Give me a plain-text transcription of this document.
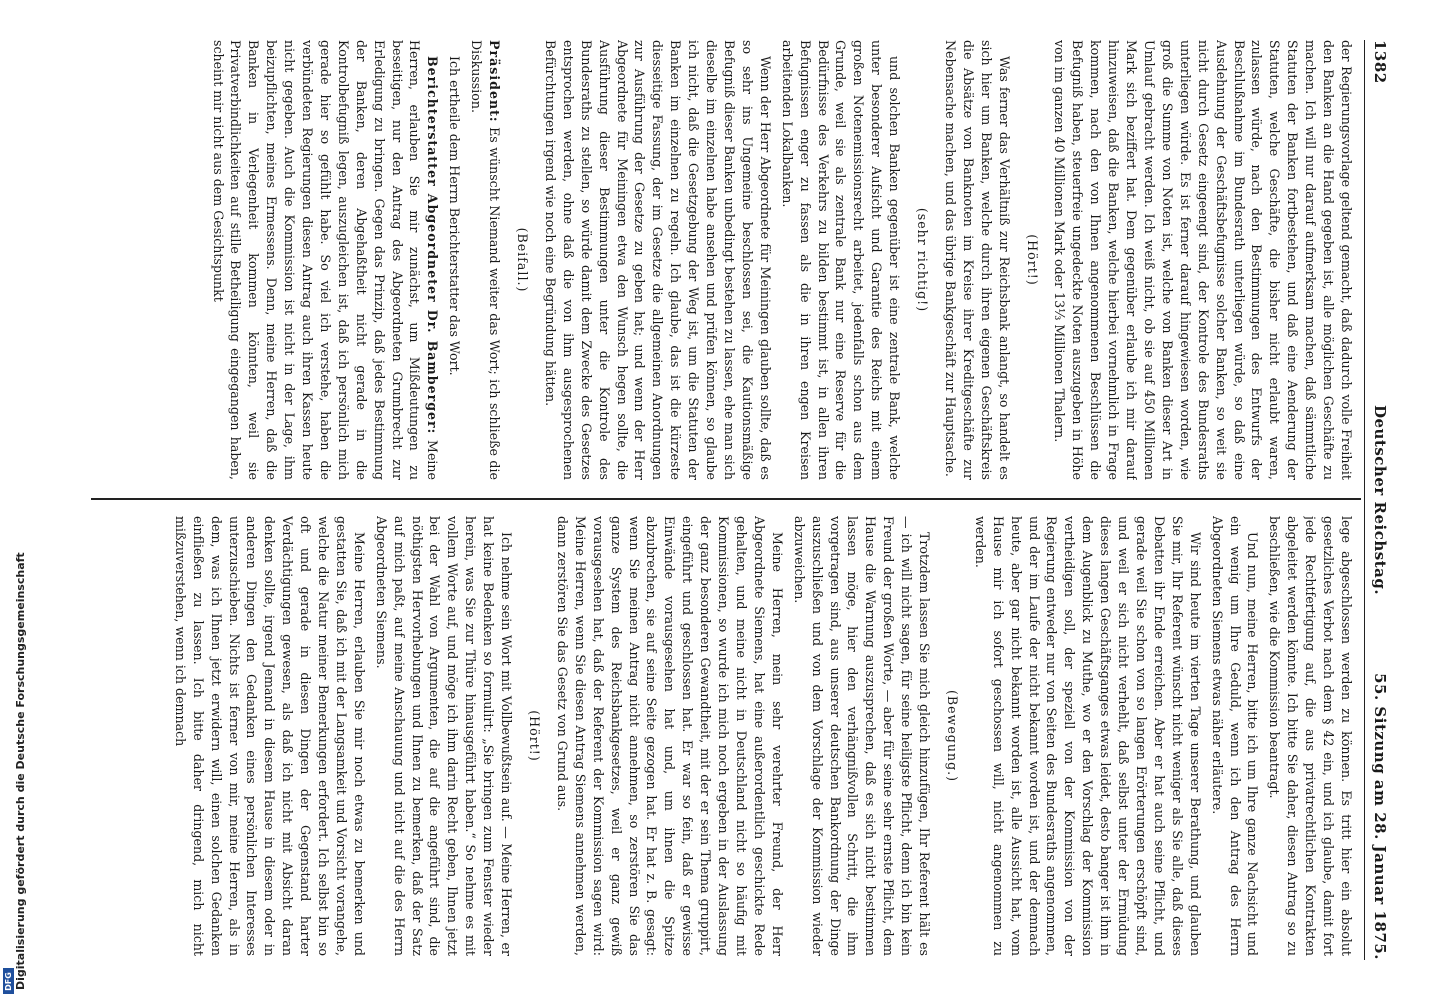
1382
Deutscher Reichstag.
55. Sitzung am 28. Januar 1875.

der Regierungsvorlage geltend gemacht, daß dadurch volle Freiheit den Banken an die Hand gegeben ist, alle möglichen Geschäfte zu machen. Ich will nur darauf aufmerksam machen, daß sämmtliche Statuten der Banken fortbestehen, und daß eine Aenderung der Statuten, welche Geschäfte, die bisher nicht erlaubt waren, zulassen würde, nach den Bestimmungen des Entwurfs der Beschlußnahme im Bundesrath unterliegen würde, so daß eine Ausdehnung der Geschäftsbefugnisse solcher Banken, so weit sie nicht durch Gesetz eingeengt sind, der Kontrole des Bundesraths unterliegen würde. Es ist ferner darauf hingewiesen worden, wie groß die Summe von Noten ist, welche von Banken dieser Art in Umlauf gebracht werden. Ich weiß nicht, ob sie auf 450 Millionen Mark sich beziffert hat. Dem gegenüber erlaube ich mir darauf hinzuweisen, daß die Banken, welche hierbei vornehmlich in Frage kommen, nach den von Ihnen angenommenen Beschlüssen die Befugniß haben, steuerfreie ungedeckte Noten auszugeben in Höhe von im ganzen 40 Millionen Mark oder 13⅓ Millionen Thalern.

(Hört!)

Was ferner das Verhältniß zur Reichsbank anlangt, so handelt es sich hier um Banken, welche durch ihren eigenen Geschäftskreis die Absätze von Banknoten im Kreise ihrer Kreditgeschäfte zur Nebensache machen, und das übrige Bankgeschäft zur Hauptsache.

(sehr richtig!)

und solchen Banken gegenüber ist eine zentrale Bank, welche unter besonderer Aufsicht und Garantie des Reichs mit einem großen Notenemissionsrecht arbeitet, jedenfalls schon aus dem Grunde, weil sie als zentrale Bank nur eine Reserve für die Bedürfnisse des Verkehrs zu bilden bestimmt ist, in allen ihren Befugnissen enger zu fassen als die in ihren engen Kreisen arbeitenden Lokalbanken.

Wenn der Herr Abgeordnete für Meiningen glauben sollte, daß es so sehr ins Ungemeine beschlossen sei, die Kautionsmäßige Befugniß dieser Banken unbedingt bestehen zu lassen, ehe man sich dieselbe im einzelnen habe ansehen und prüfen können, so glaube ich nicht, daß die Gesetzgebung der Weg ist, um die Statuten der Banken im einzelnen zu regeln. Ich glaube, das ist die kürzeste diesseitige Fassung, der im Gesetze die allgemeinen Anordnungen zur Ausführung der Gesetze zu geben hat; und wenn der Herr Abgeordnete für Meiningen etwa den Wunsch hegen sollte, die Ausführung dieser Bestimmungen unter die Kontrole des Bundesraths zu stellen, so würde damit dem Zwecke des Gesetzes entsprochen werden, ohne daß die von ihm ausgesprochenen Befürchtungen irgend wie noch eine Begründung hätten.

(Beifall.)

Präsident: Es wünscht Niemand weiter das Wort; ich schließe die Diskussion.

Ich ertheile dem Herrn Berichterstatter das Wort.

Berichterstatter Abgeordneter Dr. Bamberger: Meine Herren, erlauben Sie mir zunächst, um Mißdeutungen zu beseitigen, nur den Antrag des Abgeordneten Grumbrecht zur Erledigung zu bringen. Gegen das Prinzip, daß jedes Bestimmung der Banken, deren Abgehaßtheit nicht gerade in die Kontrolbefugniß legen, auszugleichen ist, daß ich persönlich mich gerade hier so gefühlt habe. So viel ich verstehe, haben die verbündeten Regierungen diesen Antrag auch ihren Kassen heute nicht gegeben. Auch die Kommission ist nicht in der Lage, ihm beizupflichten, meines Ermessens. Denn, meine Herren, daß die Banken in Verlegenheit kommen könnten, weil sie Privatverbindlichkeiten auf stille Betheiligung eingegangen haben, scheint mir nicht aus dem Gesichtspunkt

lege abgeschlossen werden zu können. Es tritt hier ein absolut gesetzliches Verbot nach dem § 42 ein, und ich glaube, damit fort jede Rechtfertigung auf, die aus privatrechtlichen Kontrakten abgeleitet werden könnte. Ich bitte Sie daher, diesen Antrag so zu beschließen, wie die Kommission beantragt.

Und nun, meine Herren, bitte ich um Ihre ganze Nachsicht und ein wenig um Ihre Geduld, wenn ich den Antrag des Herrn Abgeordneten Siemens etwas näher erläutere.

Wir sind heute im vierten Tage unserer Berathung, und glauben Sie mir, Ihr Referent wünscht nicht weniger als Sie alle, daß dieses Debatten ihr Ende erreichen. Aber er hat auch seine Pflicht, und gerade weil Sie schon von so langen Erörterungen erschöpft sind, und weil er sich nicht verhehlt, daß selbst unter der Ermüdung dieses langen Geschäftsganges etwas leidet, desto banger ist ihm in dem Augenblick zu Muthe, wo er den Vorschlag der Kommission vertheidigen soll, der speziell von der Kommission von der Regierung entweder nur von Seiten des Bundesraths angenommen, und der im Laufe der nicht bekannt worden ist, und der demnach heute, aber gar nicht bekannt worden ist, alle Aussicht hat, vom Hause mir ich sofort geschossen will, nicht angenommen zu werden.

(Bewegung.)

Trotzdem lassen Sie mich gleich hinzufügen, Ihr Referent hält es — ich will nicht sagen, für seine heiligste Pflicht, denn ich bin kein Freund der großen Worte, — aber für seine sehr ernste Pflicht, dem Hause die Warnung auszusprechen, daß es sich nicht bestimmen lassen möge, hier den verhängnißvollen Schritt, die ihm vorgetragen sind, aus unserer deutschen Bankordnung der Dinge auszuschließen und von dem Vorschlage der Kommission wieder abzuweichen.

Meine Herren, mein sehr verehrter Freund, der Herr Abgeordnete Siemens, hat eine außerordentlich geschickte Rede gehalten, und meine nicht in Deutschland nicht so häufig mit Kommissionen, so wurde ich mich noch ergeben in der Auslassung der ganz besonderen Gewandtheit, mit der er sein Thema gruppirt, eingeführt und geschlossen hat. Er war so fein, daß er gewisse Einwände vorausgesehen hat und, um ihnen die Spitze abzubrechen, sie auf seine Seite gezogen hat. Er hat z. B. gesagt: wenn Sie meinen Antrag nicht annehmen, so zerstören Sie das ganze System des Reichsbankgesetzes, weil er ganz gewiß vorausgesehen hat, daß der Referent der Kommission sagen wird: Meine Herren, wenn Sie diesen Antrag Siemens annehmen werden, dann zerstören Sie das Gesetz von Grund aus.

(Hört!)

Ich nehme sein Wort mit Vollbewußtsein auf. — Meine Herren, er hat keine Bedenken so formulirt: „Sie bringen zum Fenster wieder herein, was Sie zur Thüre hinausgeführt haben.“ So nehme es mit vollem Worte auf, und möge ich ihm darin Recht geben, Ihnen jetzt bei der Wahl von Argumenten, die auf die angeführt sind, die nöthigsten Hervorhebungen und Ihnen zu bemerken, daß der Satz auf mich paßt, auf meine Anschauung und nicht auf die des Herrn Abgeordneten Siemens.

Meine Herren, erlauben Sie mir noch etwas zu bemerken und gestatten Sie, daß ich mit der Langsamkeit und Vorsicht vorangehe, welche die Natur meiner Bemerkungen erfordert. Ich selbst bin so oft und gerade in diesen Dingen der Gegenstand harter Verdächtigungen gewesen, als daß ich nicht mit Absicht daran denken sollte, irgend Jemand in diesem Hause in diesem oder in anderen Dingen den Gedanken eines persönlichen Interesses unterzuschieben. Nichts ist ferner von mir, meine Herren, als in dem, was ich Ihnen jetzt erwidern will, einen solchen Gedanken einfließen zu lassen. Ich bitte daher dringend, mich nicht mißzuverstehen, wenn ich demnach

Digitalisierung gefördert durch die Deutsche Forschungsgemeinschaft
DFG
